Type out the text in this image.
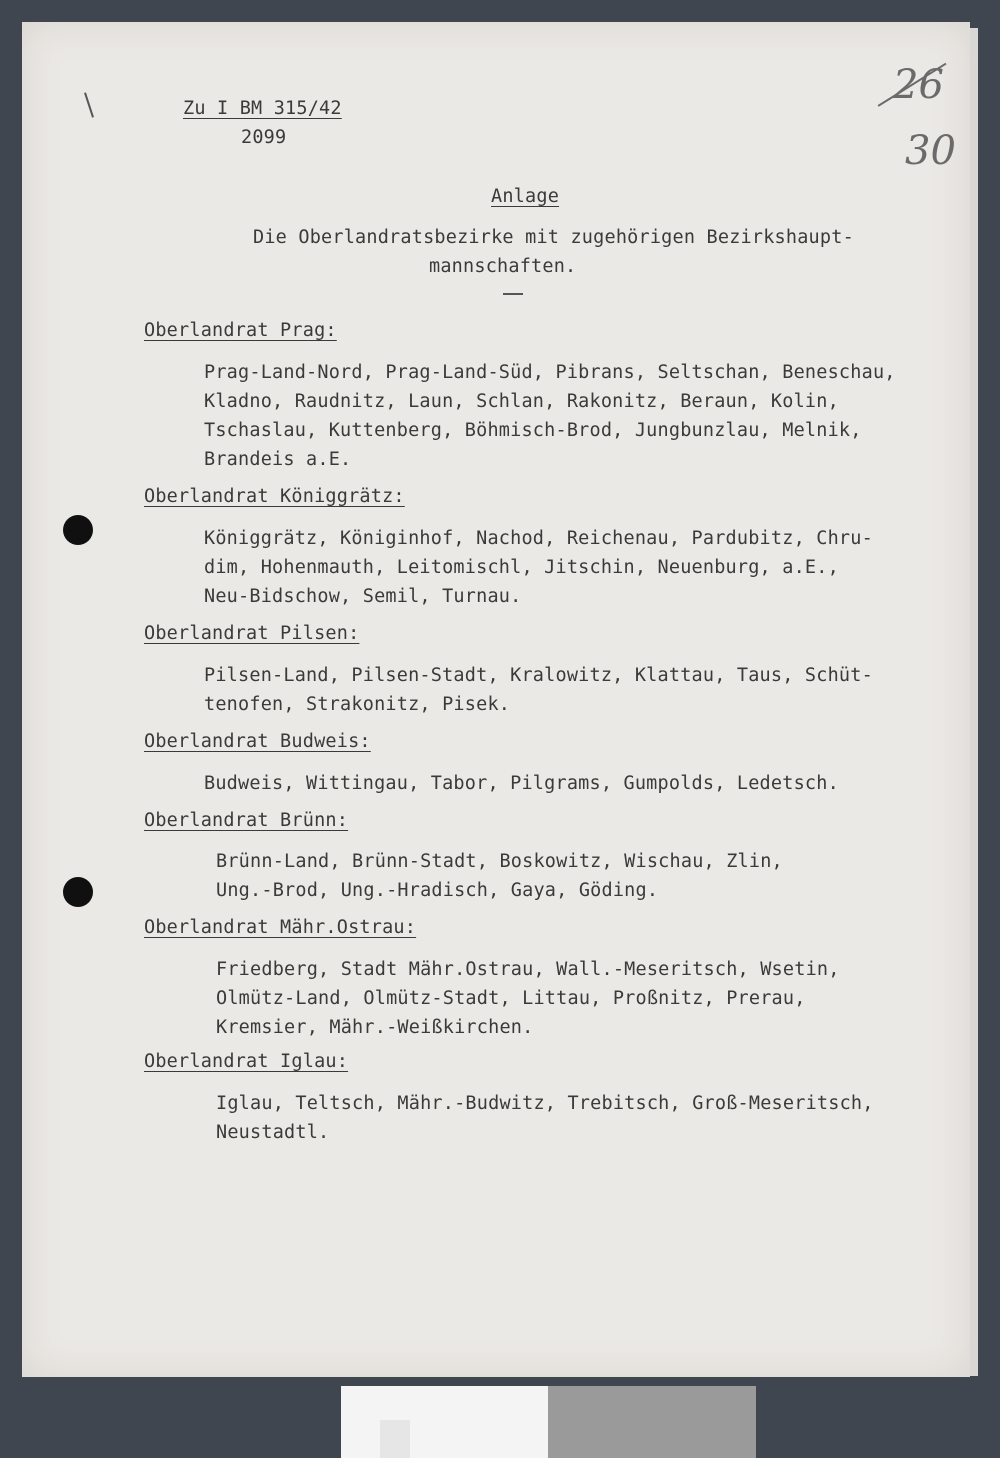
Zu I BM 315/42
2099
26
30
Anlage
Die Oberlandratsbezirke mit zugehörigen Bezirkshaupt-
mannschaften.
Oberlandrat Prag:
Prag-Land-Nord, Prag-Land-Süd, Pibrans, Seltschan, Beneschau,
Kladno, Raudnitz, Laun, Schlan, Rakonitz, Beraun, Kolin,
Tschaslau, Kuttenberg, Böhmisch-Brod, Jungbunzlau, Melnik,
Brandeis a.E.
Oberlandrat Königgrätz:
Königgrätz, Königinhof, Nachod, Reichenau, Pardubitz, Chru-
dim, Hohenmauth, Leitomischl, Jitschin, Neuenburg, a.E.,
Neu-Bidschow, Semil, Turnau.
Oberlandrat Pilsen:
Pilsen-Land, Pilsen-Stadt, Kralowitz, Klattau, Taus, Schüt-
tenofen, Strakonitz, Pisek.
Oberlandrat Budweis:
Budweis, Wittingau, Tabor, Pilgrams, Gumpolds, Ledetsch.
Oberlandrat Brünn:
Brünn-Land, Brünn-Stadt, Boskowitz, Wischau, Zlin,
Ung.-Brod, Ung.-Hradisch, Gaya, Göding.
Oberlandrat Mähr.Ostrau:
Friedberg, Stadt Mähr.Ostrau, Wall.-Meseritsch, Wsetin,
Olmütz-Land, Olmütz-Stadt, Littau, Proßnitz, Prerau,
Kremsier, Mähr.-Weißkirchen.
Oberlandrat Iglau:
Iglau, Teltsch, Mähr.-Budwitz, Trebitsch, Groß-Meseritsch,
Neustadtl.
